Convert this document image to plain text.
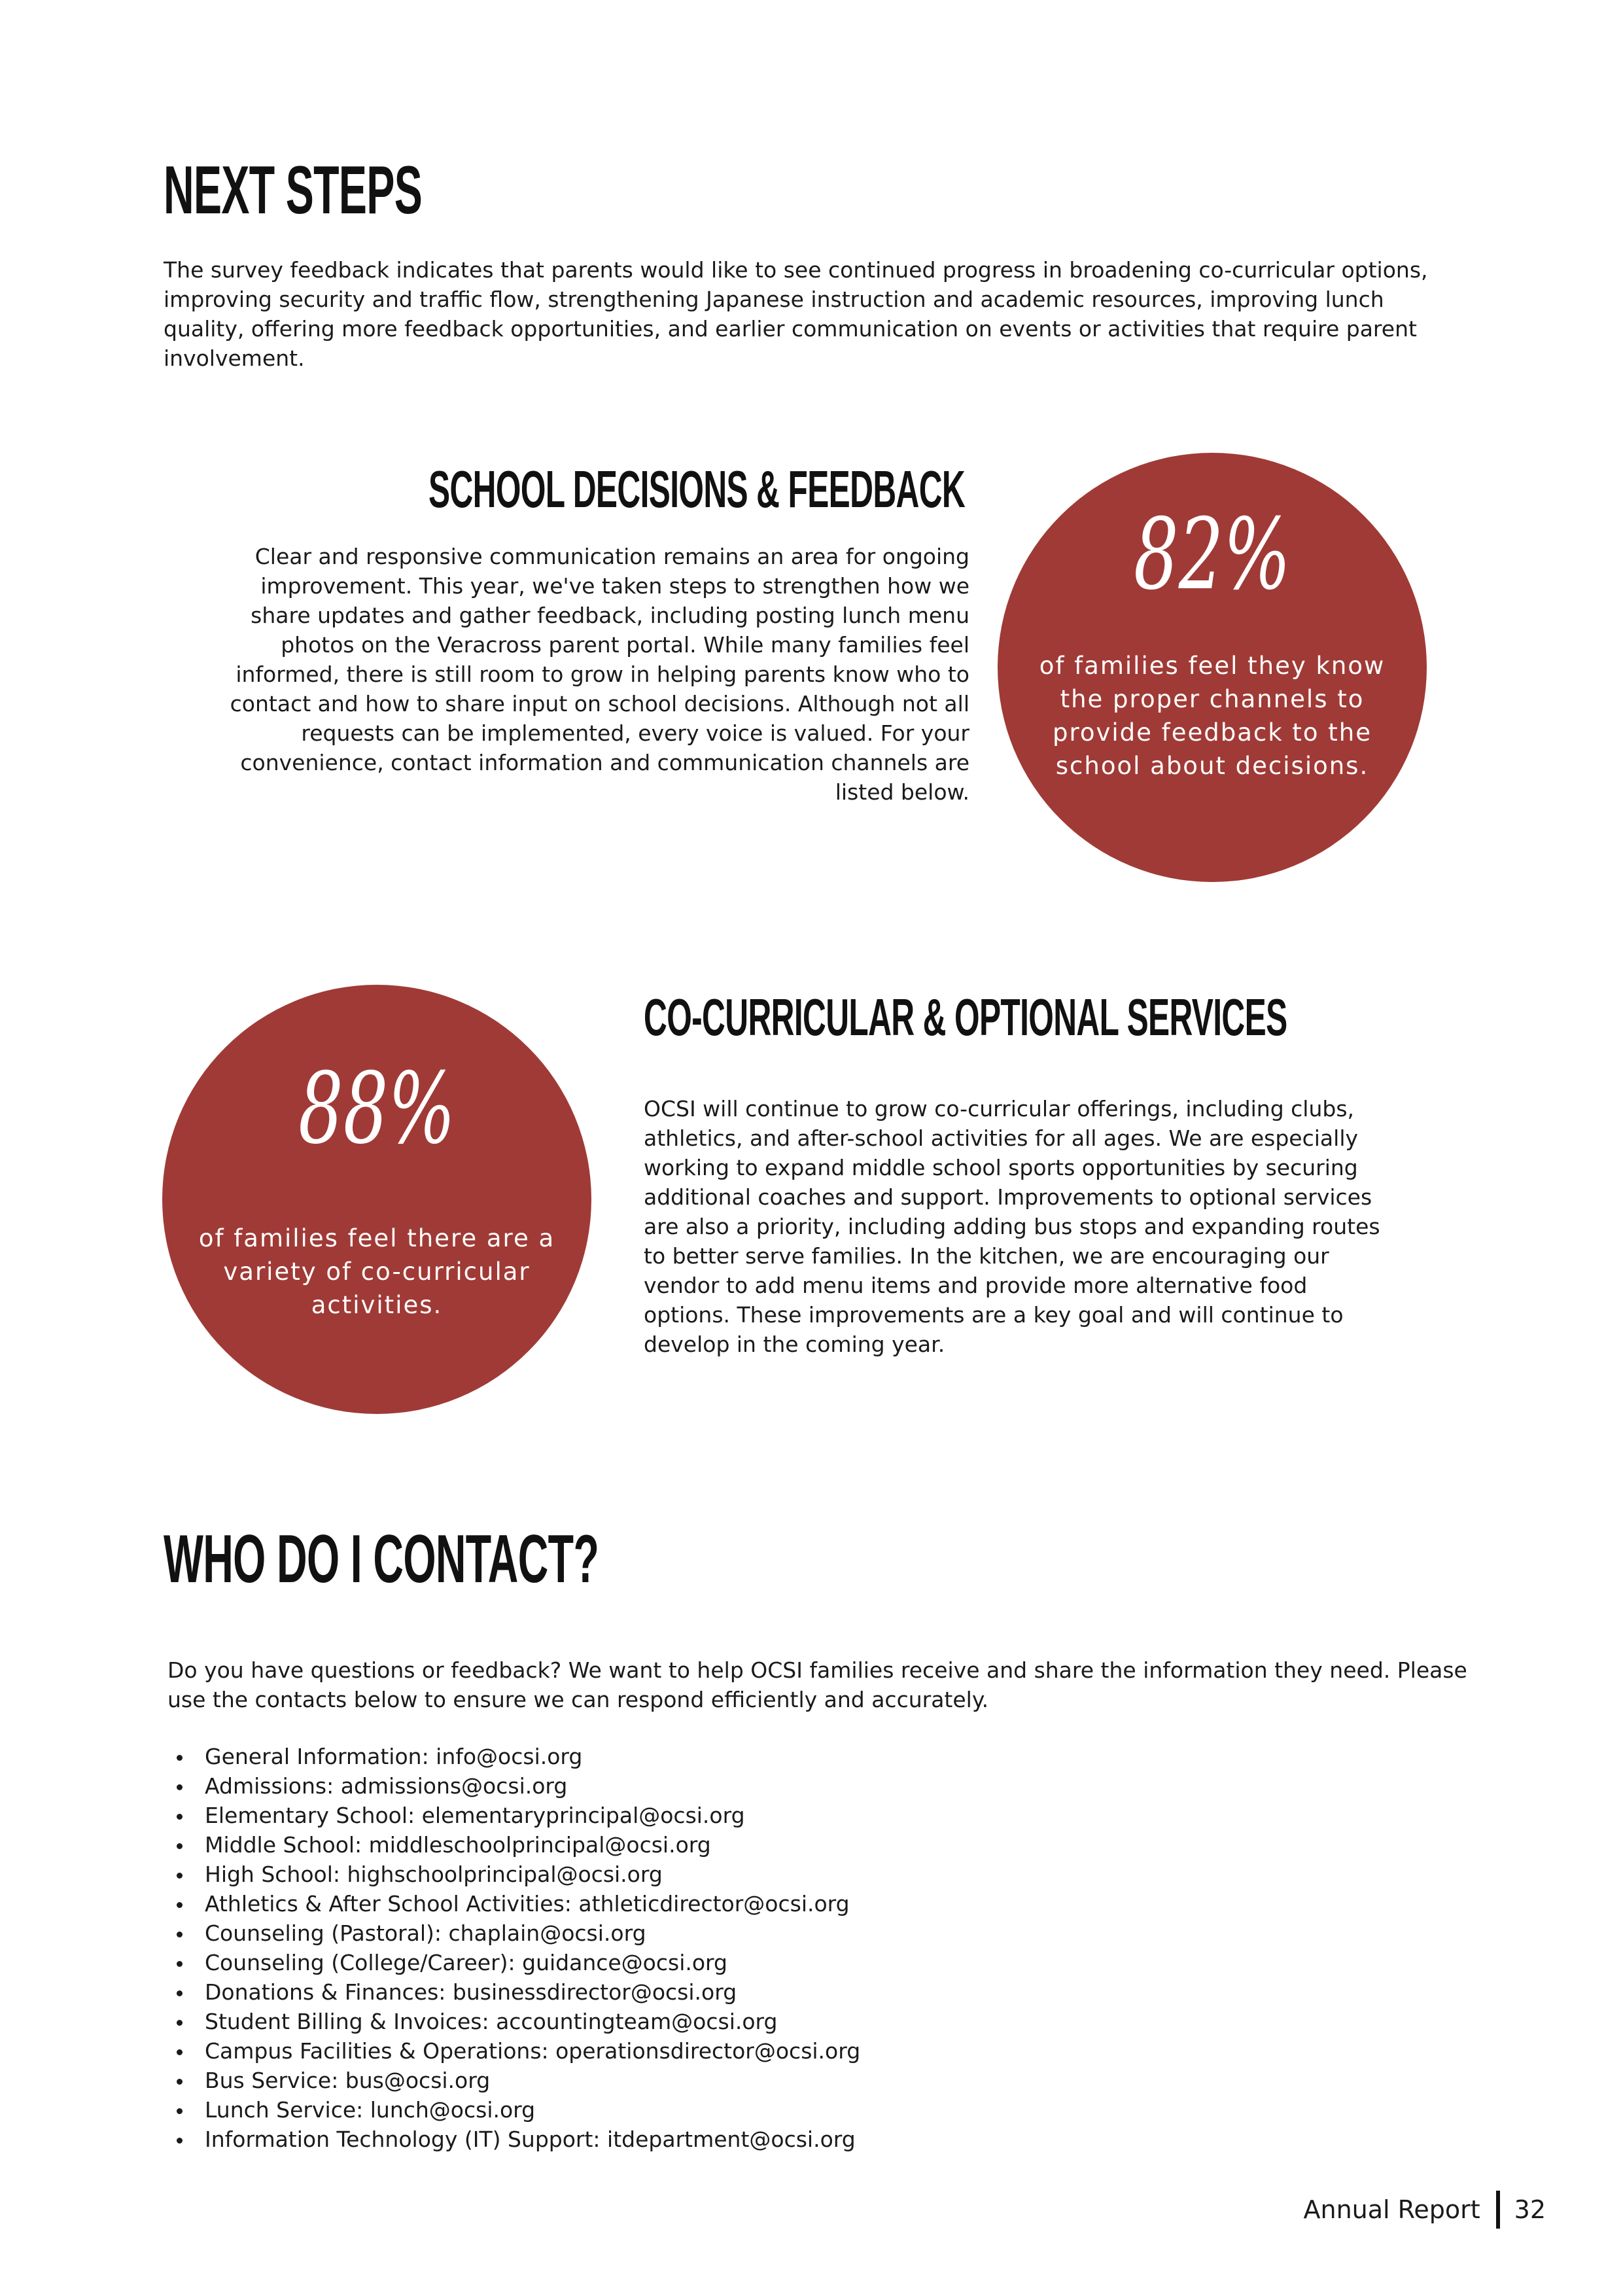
NEXT STEPS

The survey feedback indicates that parents would like to see continued progress in broadening co-curricular options, improving security and traffic flow, strengthening Japanese instruction and academic resources, improving lunch quality, offering more feedback opportunities, and earlier communication on events or activities that require parent involvement.

SCHOOL DECISIONS & FEEDBACK

Clear and responsive communication remains an area for ongoing improvement. This year, we've taken steps to strengthen how we share updates and gather feedback, including posting lunch menu photos on the Veracross parent portal. While many families feel informed, there is still room to grow in helping parents know who to contact and how to share input on school decisions. Although not all requests can be implemented, every voice is valued. For your convenience, contact information and communication channels are listed below.

82%
of families feel they know the proper channels to provide feedback to the school about decisions.
CO-CURRICULAR & OPTIONAL SERVICES

OCSI will continue to grow co-curricular offerings, including clubs, athletics, and after-school activities for all ages. We are especially working to expand middle school sports opportunities by securing additional coaches and support. Improvements to optional services are also a priority, including adding bus stops and expanding routes to better serve families. In the kitchen, we are encouraging our vendor to add menu items and provide more alternative food options. These improvements are a key goal and will continue to develop in the coming year.

88%
of families feel there are a variety of co-curricular activities.
WHO DO I CONTACT?

Do you have questions or feedback? We want to help OCSI families receive and share the information they need. Please use the contacts below to ensure we can respond efficiently and accurately.

General Information: info@ocsi.org
Admissions: admissions@ocsi.org
Elementary School: elementaryprincipal@ocsi.org
Middle School: middleschoolprincipal@ocsi.org
High School: highschoolprincipal@ocsi.org
Athletics & After School Activities: athleticdirector@ocsi.org
Counseling (Pastoral): chaplain@ocsi.org
Counseling (College/Career): guidance@ocsi.org
Donations & Finances: businessdirector@ocsi.org
Student Billing & Invoices: accountingteam@ocsi.org
Campus Facilities & Operations: operationsdirector@ocsi.org
Bus Service: bus@ocsi.org
Lunch Service: lunch@ocsi.org
Information Technology (IT) Support: itdepartment@ocsi.org
Annual Report 32
